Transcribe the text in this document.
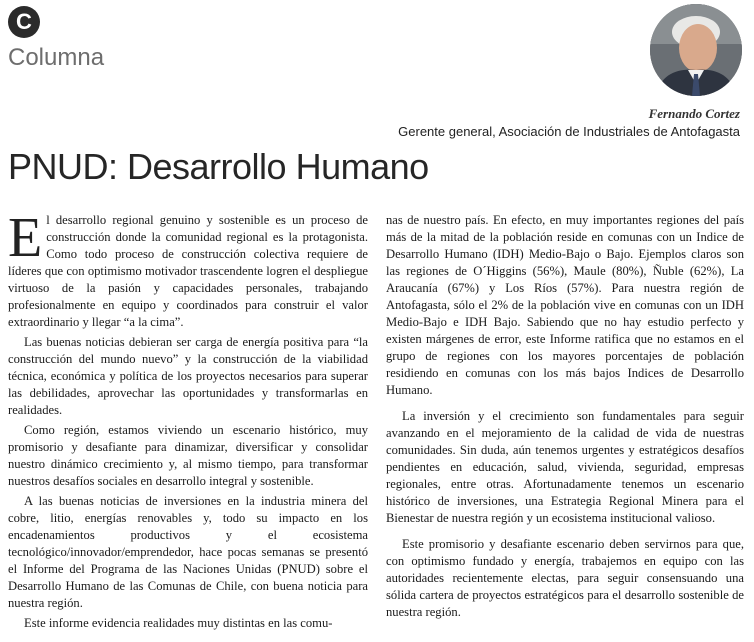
C
Columna
Fernando Cortez
Gerente general, Asociación de Industriales de Antofagasta
PNUD: Desarrollo Humano

El desarrollo regional genuino y sostenible es un proceso de construcción donde la comunidad regional es la protagonista. Como todo proceso de construcción colectiva requiere de líderes que con optimismo motivador trascendente logren el despliegue virtuoso de la pasión y capacidades personales, trabajando profesionalmente en equipo y coordinados para construir el valor extraordinario y llegar “a la cima”.

Las buenas noticias debieran ser carga de energía positiva para “la construcción del mundo nuevo” y la construcción de la viabilidad técnica, económica y política de los proyectos necesarios para superar las debilidades, aprovechar las oportunidades y transformarlas en realidades.

Como región, estamos viviendo un escenario histórico, muy promisorio y desafiante para dinamizar, diversificar y consolidar nuestro dinámico crecimiento y, al mismo tiempo, para transformar nuestros desafíos sociales en desarrollo integral y sostenible.

A las buenas noticias de inversiones en la industria minera del cobre, litio, energías renovables y, todo su impacto en los encadenamientos productivos y el ecosistema tecnológico/innovador/emprendedor, hace pocas semanas se presentó el Informe del Programa de las Naciones Unidas (PNUD) sobre el Desarrollo Humano de las Comunas de Chile, con buena noticia para nuestra región.

Este informe evidencia realidades muy distintas en las comu-

nas de nuestro país. En efecto, en muy importantes regiones del país más de la mitad de la población reside en comunas con un Indice de Desarrollo Humano (IDH) Medio-Bajo o Bajo. Ejemplos claros son las regiones de O´Higgins (56%), Maule (80%), Ñuble (62%), La Araucanía (67%) y Los Ríos (57%). Para nuestra región de Antofagasta, sólo el 2% de la población vive en comunas con un IDH Medio-Bajo e IDH Bajo. Sabiendo que no hay estudio perfecto y existen márgenes de error, este Informe ratifica que no estamos en el grupo de regiones con los mayores porcentajes de población residiendo en comunas con los más bajos Indices de Desarrollo Humano.

La inversión y el crecimiento son fundamentales para seguir avanzando en el mejoramiento de la calidad de vida de nuestras comunidades. Sin duda, aún tenemos urgentes y estratégicos desafíos pendientes en educación, salud, vivienda, seguridad, empresas regionales, entre otras. Afortunadamente tenemos un escenario histórico de inversiones, una Estrategia Regional Minera para el Bienestar de nuestra región y un ecosistema institucional valioso.

Este promisorio y desafiante escenario deben servirnos para que, con optimismo fundado y energía, trabajemos en equipo con las autoridades recientemente electas, para seguir consensuando una sólida cartera de proyectos estratégicos para el desarrollo sostenible de nuestra región.
